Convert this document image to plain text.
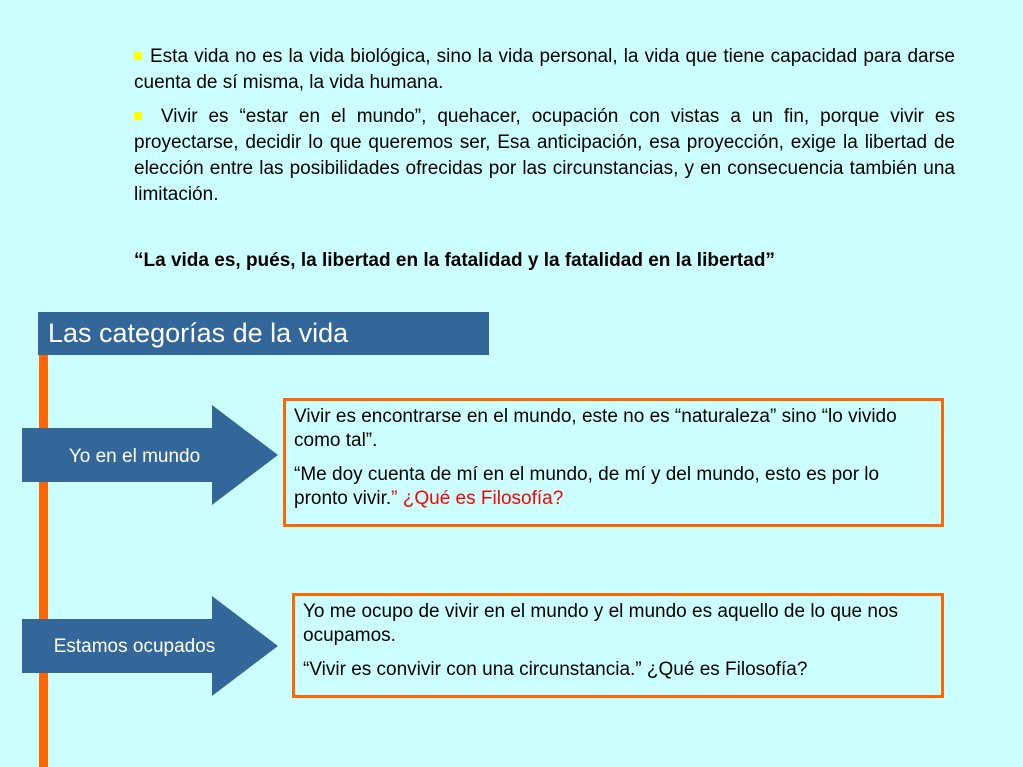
Esta vida no es la vida biológica, sino la vida personal, la vida que tiene capacidad para darse cuenta de sí misma, la vida humana.

Vivir es “estar en el mundo”, quehacer, ocupación con vistas a un fin, porque vivir es proyectarse, decidir lo que queremos ser, Esa anticipación, esa proyección, exige la libertad de elección entre las posibilidades ofrecidas por las circunstancias, y en consecuencia también una limitación.

“La vida es, pués, la libertad en la fatalidad y la fatalidad en la libertad”
Las categorías de la vida
Yo en el mundo

Vivir es encontrarse en el mundo, este no es “naturaleza” sino “lo vivido como tal”.

“Me doy cuenta de mí en el mundo, de mí y del mundo, esto es por lo pronto vivir.” ¿Qué es Filosofía?

Estamos ocupados

Yo me ocupo de vivir en el mundo y el mundo es aquello de lo que nos ocupamos.

“Vivir es convivir con una circunstancia.” ¿Qué es Filosofía?
